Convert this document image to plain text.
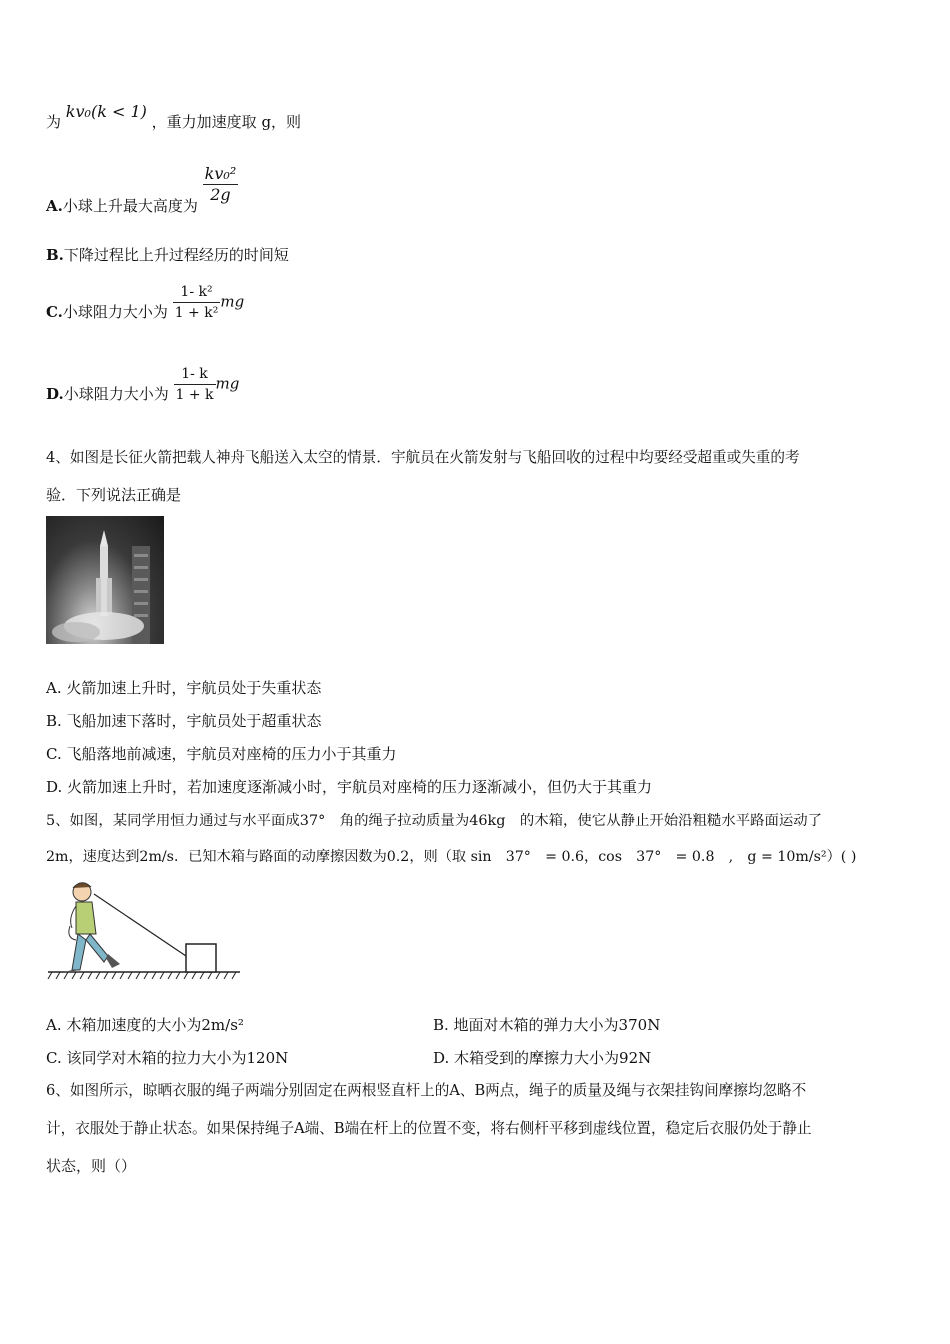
为 kv₀(k < 1) ，重力加速度取 g，则
A.小球上升最大高度为
$\frac{\text{kv₀²}}{2g}$
B.下降过程比上升过程经历的时间短
C.小球阻力大小为 $\frac{\text{1- k²}}{\text{1 + k²}}$ mg
D.小球阻力大小为 $\frac{1- k}{1 + k}$ mg
4、如图是长征火箭把载人神舟飞船送入太空的情景．宇航员在火箭发射与飞船回收的过程中均要经受超重或失重的考
验．下列说法正确是
A. 火箭加速上升时，宇航员处于失重状态
B. 飞船加速下落时，宇航员处于超重状态
C. 飞船落地前减速，宇航员对座椅的压力小于其重力
D. 火箭加速上升时，若加速度逐渐减小时，宇航员对座椅的压力逐渐减小，但仍大于其重力
5、如图，某同学用恒力通过与水平面成37°　角的绳子拉动质量为46kg　的木箱，使它从静止开始沿粗糙水平路面运动了
2m，速度达到2m/s．已知木箱与路面的动摩擦因数为0.2，则（取 sin　37°　= 0.6，cos　37°　= 0.8　,　g = 10m/s²）( )
A. 木箱加速度的大小为2m/s²	B. 地面对木箱的弹力大小为370N
C. 该同学对木箱的拉力大小为120N	D. 木箱受到的摩擦力大小为92N
6、如图所示，晾晒衣服的绳子两端分别固定在两根竖直杆上的A、B两点，绳子的质量及绳与衣架挂钩间摩擦均忽略不
计，衣服处于静止状态。如果保持绳子A端、B端在杆上的位置不变，将右侧杆平移到虚线位置，稳定后衣服仍处于静止
状态，则（）
